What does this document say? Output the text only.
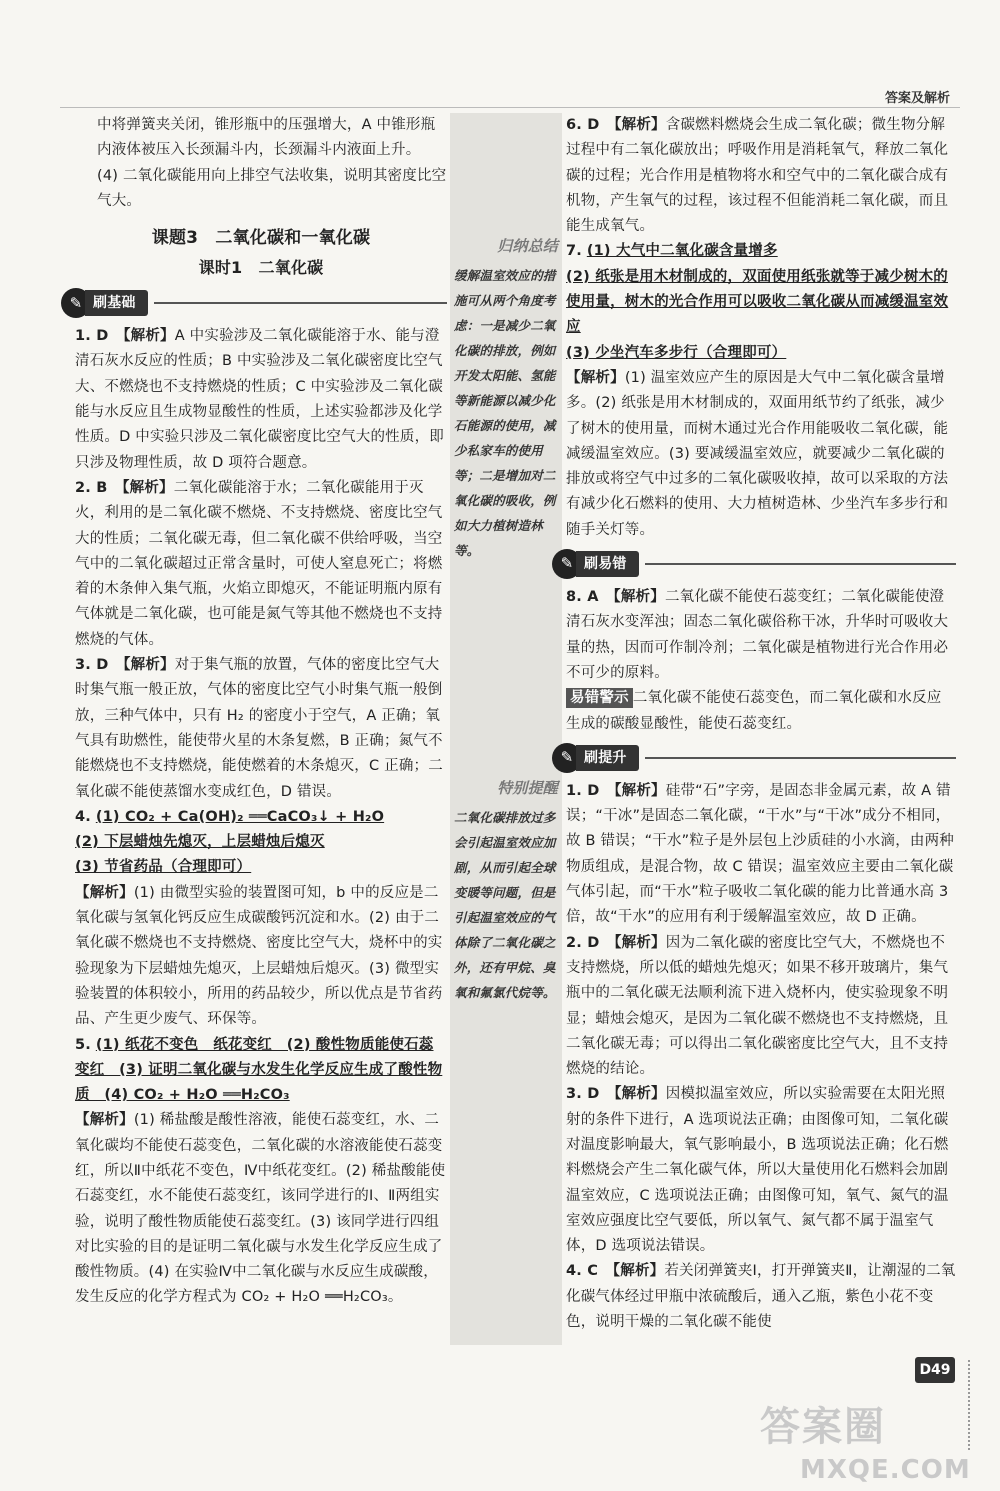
答案及解析

中将弹簧夹关闭，锥形瓶中的压强增大，A 中锥形瓶内液体被压入长颈漏斗内，长颈漏斗内液面上升。

(4) 二氧化碳能用向上排空气法收集，说明其密度比空气大。

课题3　二氧化碳和一氧化碳
课时1　二氧化碳
✎ 刷基础

1. D　 【解析】A 中实验涉及二氧化碳能溶于水、能与澄清石灰水反应的性质；B 中实验涉及二氧化碳密度比空气大、不燃烧也不支持燃烧的性质；C 中实验涉及二氧化碳能与水反应且生成物显酸性的性质，上述实验都涉及化学性质。D 中实验只涉及二氧化碳密度比空气大的性质，即只涉及物理性质，故 D 项符合题意。

2. B　 【解析】二氧化碳能溶于水；二氧化碳能用于灭火，利用的是二氧化碳不燃烧、不支持燃烧、密度比空气大的性质；二氧化碳无毒，但二氧化碳不供给呼吸，当空气中的二氧化碳超过正常含量时，可使人窒息死亡；将燃着的木条伸入集气瓶，火焰立即熄灭，不能证明瓶内原有气体就是二氧化碳，也可能是氮气等其他不燃烧也不支持燃烧的气体。

3. D　 【解析】对于集气瓶的放置，气体的密度比空气大时集气瓶一般正放，气体的密度比空气小时集气瓶一般倒放，三种气体中，只有 H₂ 的密度小于空气，A 正确；氧气具有助燃性，能使带火星的木条复燃，B 正确；氮气不能燃烧也不支持燃烧，能使燃着的木条熄灭，C 正确；二氧化碳不能使蒸馏水变成红色，D 错误。

4. (1) CO₂ + Ca(OH)₂ ══CaCO₃↓ + H₂O
(2) 下层蜡烛先熄灭，上层蜡烛后熄灭
(3) 节省药品（合理即可）
【解析】(1) 由微型实验的装置图可知，b 中的反应是二氧化碳与氢氧化钙反应生成碳酸钙沉淀和水。(2) 由于二氧化碳不燃烧也不支持燃烧、密度比空气大，烧杯中的实验现象为下层蜡烛先熄灭，上层蜡烛后熄灭。(3) 微型实验装置的体积较小，所用的药品较少，所以优点是节省药品、产生更少废气、环保等。

5. (1) 纸花不变色　纸花变红　(2) 酸性物质能使石蕊变红　(3) 证明二氧化碳与水发生化学反应生成了酸性物质　(4) CO₂ + H₂O ══H₂CO₃
【解析】(1) 稀盐酸是酸性溶液，能使石蕊变红，水、二氧化碳均不能使石蕊变色，二氧化碳的水溶液能使石蕊变红，所以Ⅱ中纸花不变色，Ⅳ中纸花变红。(2) 稀盐酸能使石蕊变红，水不能使石蕊变红，该同学进行的Ⅰ、Ⅱ两组实验，说明了酸性物质能使石蕊变红。(3) 该同学进行四组对比实验的目的是证明二氧化碳与水发生化学反应生成了酸性物质。(4) 在实验Ⅳ中二氧化碳与水反应生成碳酸，发生反应的化学方程式为 CO₂ + H₂O ══H₂CO₃。

归纳总结
缓解温室效应的措施可从两个角度考虑：一是减少二氧化碳的排放，例如开发太阳能、氢能等新能源以减少化石能源的使用，减少私家车的使用等；二是增加对二氧化碳的吸收，例如大力植树造林等。
特别提醒
二氧化碳排放过多会引起温室效应加剧，从而引起全球变暖等问题，但是引起温室效应的气体除了二氧化碳之外，还有甲烷、臭氧和氟氯代烷等。

6. D　 【解析】含碳燃料燃烧会生成二氧化碳；微生物分解过程中有二氧化碳放出；呼吸作用是消耗氧气，释放二氧化碳的过程；光合作用是植物将水和空气中的二氧化碳合成有机物，产生氧气的过程，该过程不但能消耗二氧化碳，而且能生成氧气。

7. (1) 大气中二氧化碳含量增多
(2) 纸张是用木材制成的，双面使用纸张就等于减少树木的使用量，树木的光合作用可以吸收二氧化碳从而减缓温室效应
(3) 少坐汽车多步行（合理即可）
【解析】(1) 温室效应产生的原因是大气中二氧化碳含量增多。(2) 纸张是用木材制成的，双面用纸节约了纸张，减少了树木的使用量，而树木通过光合作用能吸收二氧化碳，能减缓温室效应。(3) 要减缓温室效应，就要减少二氧化碳的排放或将空气中过多的二氧化碳吸收掉，故可以采取的方法有减少化石燃料的使用、大力植树造林、少坐汽车多步行和随手关灯等。

✎ 刷易错

8. A　 【解析】二氧化碳不能使石蕊变红；二氧化碳能使澄清石灰水变浑浊；固态二氧化碳俗称干冰，升华时可吸收大量的热，因而可作制冷剂；二氧化碳是植物进行光合作用必不可少的原料。

易错警示 二氧化碳不能使石蕊变色，而二氧化碳和水反应生成的碳酸显酸性，能使石蕊变红。

✎ 刷提升

1. D　 【解析】硅带“石”字旁，是固态非金属元素，故 A 错误；“干冰”是固态二氧化碳，“干水”与“干冰”成分不相同，故 B 错误；“干水”粒子是外层包上沙质硅的小水滴，由两种物质组成，是混合物，故 C 错误；温室效应主要由二氧化碳气体引起，而“干水”粒子吸收二氧化碳的能力比普通水高 3 倍，故“干水”的应用有利于缓解温室效应，故 D 正确。

2. D　 【解析】因为二氧化碳的密度比空气大，不燃烧也不支持燃烧，所以低的蜡烛先熄灭；如果不移开玻璃片，集气瓶中的二氧化碳无法顺利流下进入烧杯内，使实验现象不明显；蜡烛会熄灭，是因为二氧化碳不燃烧也不支持燃烧，且二氧化碳无毒；可以得出二氧化碳密度比空气大，且不支持燃烧的结论。

3. D　 【解析】因模拟温室效应，所以实验需要在太阳光照射的条件下进行，A 选项说法正确；由图像可知，二氧化碳对温度影响最大，氧气影响最小，B 选项说法正确；化石燃料燃烧会产生二氧化碳气体，所以大量使用化石燃料会加剧温室效应，C 选项说法正确；由图像可知，氧气、氮气的温室效应强度比空气要低，所以氧气、氮气都不属于温室气体，D 选项说法错误。

4. C　 【解析】若关闭弹簧夹Ⅰ，打开弹簧夹Ⅱ，让潮湿的二氧化碳气体经过甲瓶中浓硫酸后，通入乙瓶，紫色小花不变色，说明干燥的二氧化碳不能使

D49
答案圈
MXQE.COM
